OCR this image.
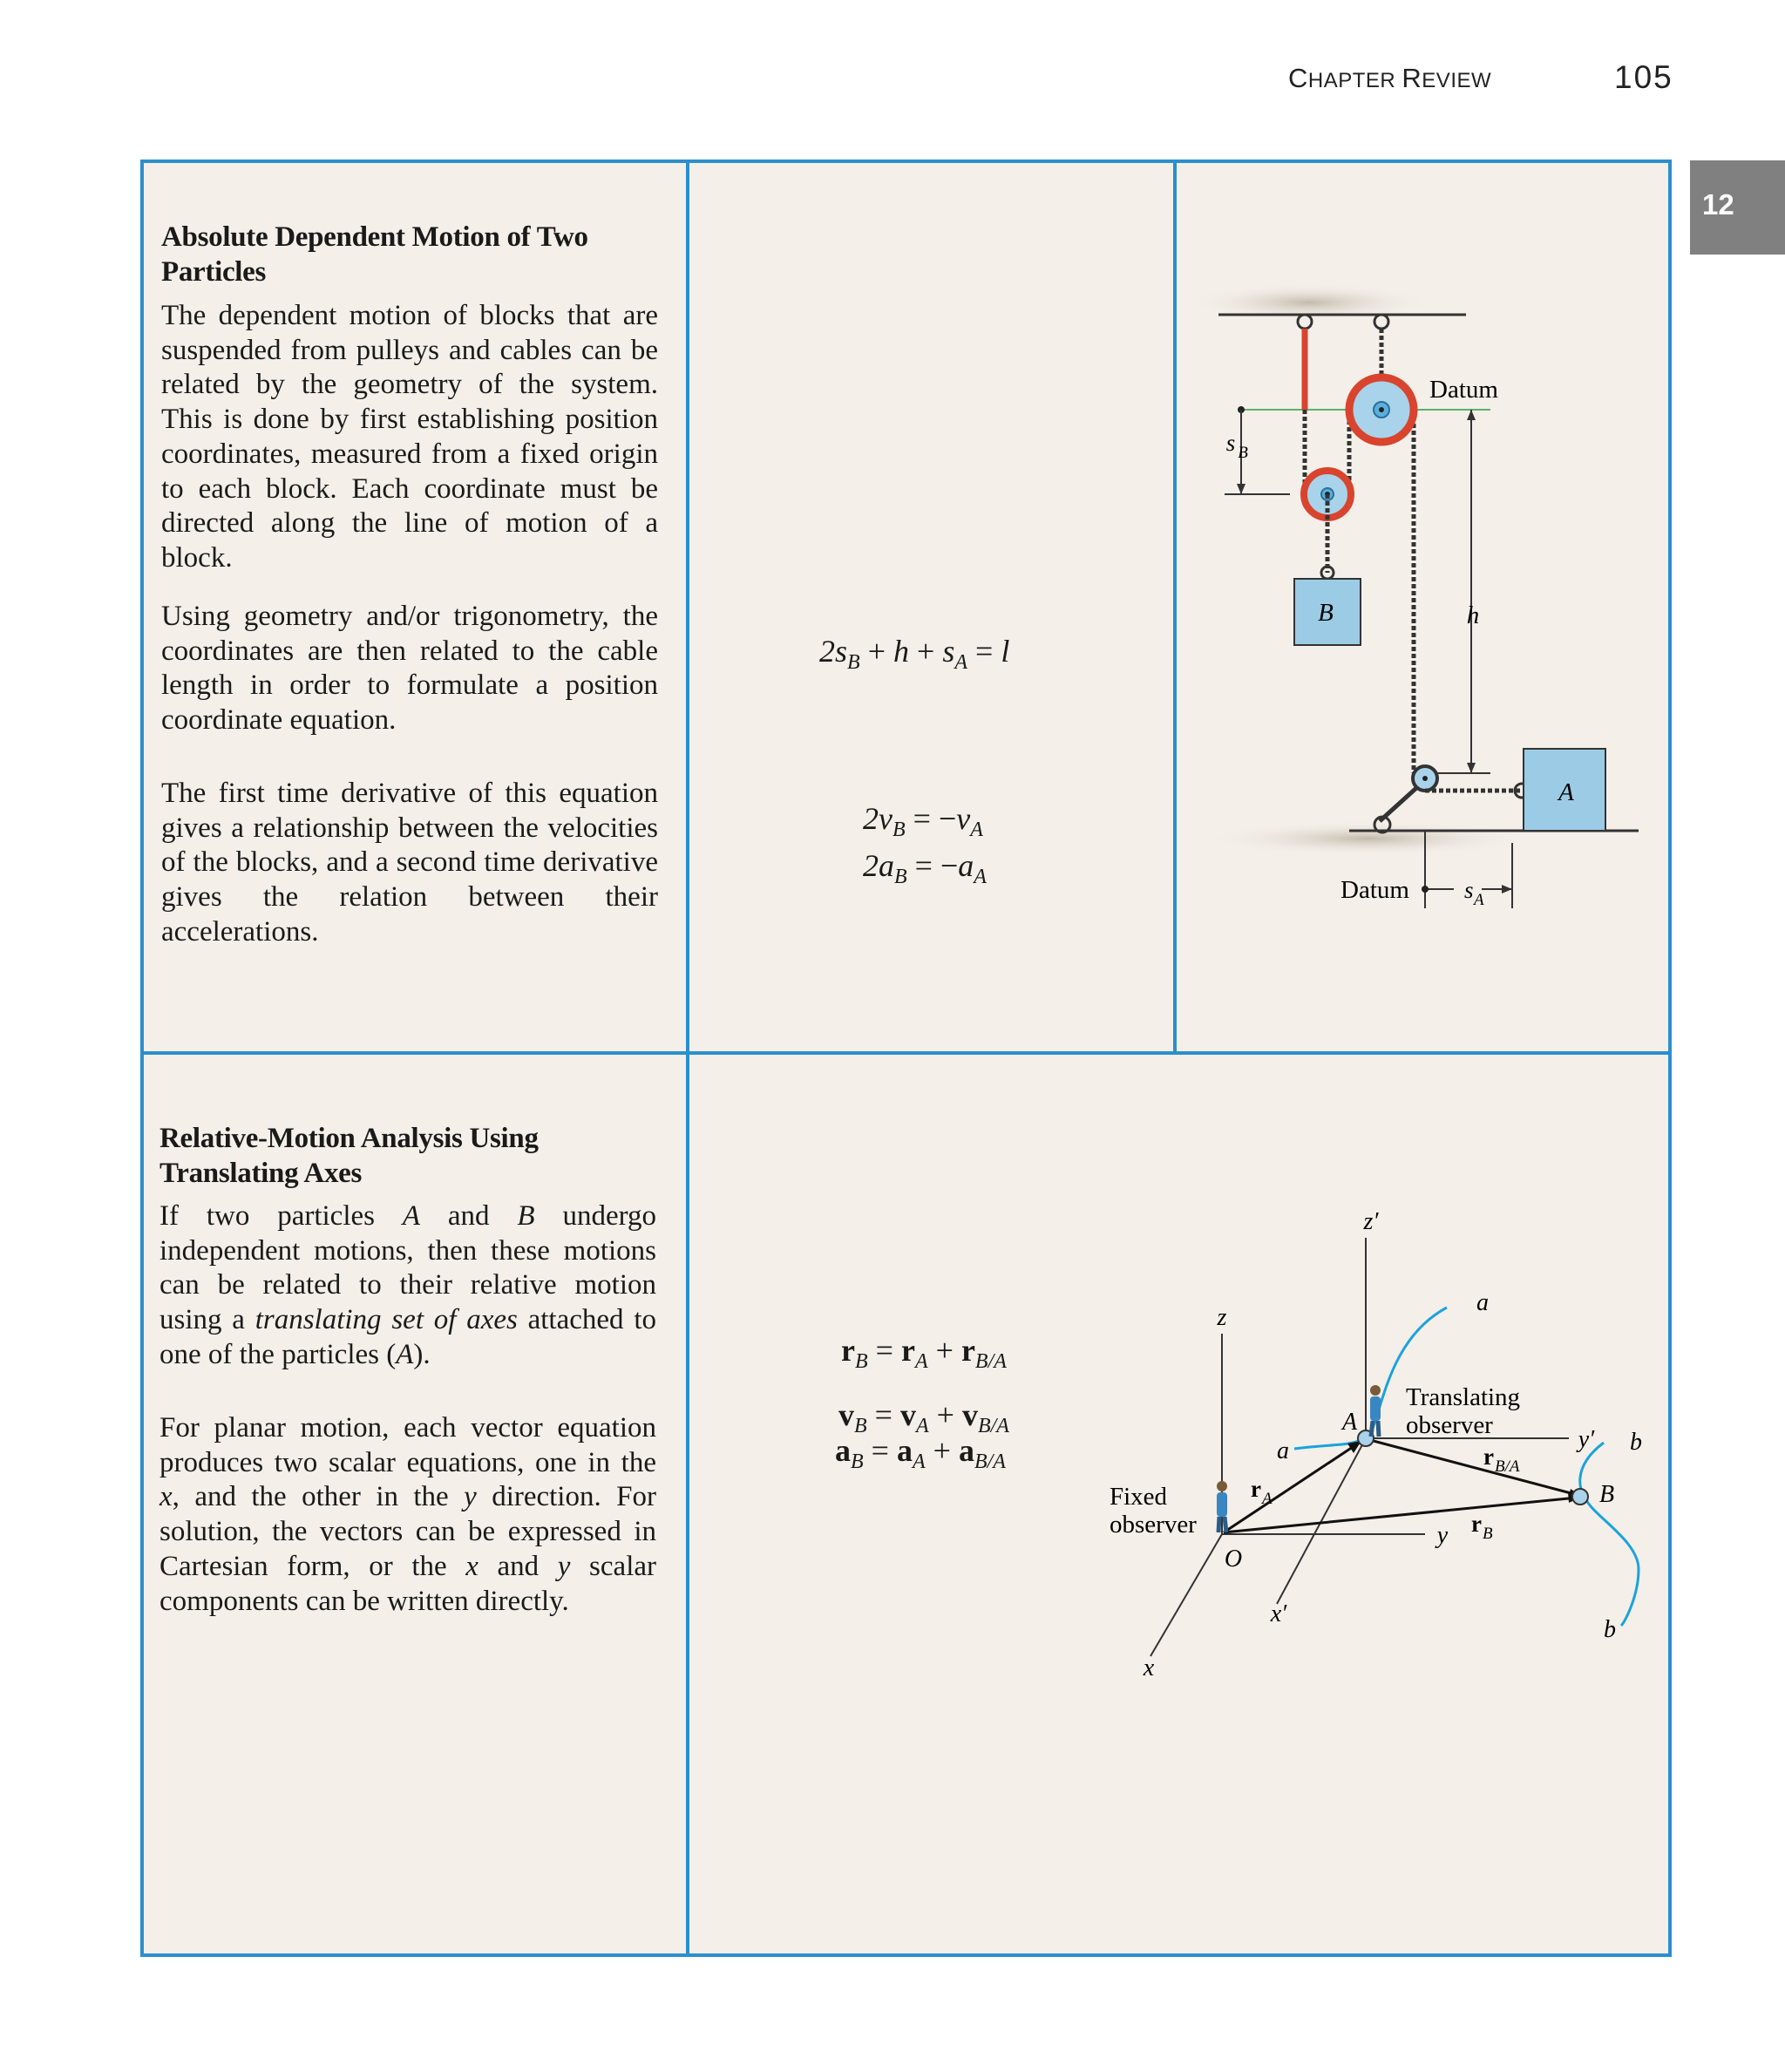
CHAPTER REVIEW	105
12
Absolute Dependent Motion of Two Particles
The dependent motion of blocks that are suspended from pulleys and cables can be related by the geometry of the system. This is done by first establishing position coordinates, measured from a fixed origin to each block. Each coordinate must be directed along the line of motion of a block.
Using geometry and/or trigonometry, the coordinates are then related to the cable length in order to formulate a position coordinate equation.
The first time derivative of this equation gives a relationship between the velocities of the blocks, and a second time derivative gives the relation between their accelerations.
$2s_B + h + s_A = l$
$2v_B = -v_A$
$2a_B = -a_A$
B
s B
h
Datum
A
Datum s A
Relative-Motion Analysis Using Translating Axes
If two particles A and B undergo independent motions, then these motions can be related to their relative motion using a translating set of axes attached to one of the particles (A).
For planar motion, each vector equation produces two scalar equations, one in the x, and the other in the y direction. For solution, the vectors can be expressed in Cartesian form, or the x and y scalar components can be written directly.
$r_B = r_A + r_{B/A}$
$v_B = v_A + v_{B/A}$
$a_B = a_A + a_{B/A}$
z
y
x
O
z′
y′
x′
a
a	b
b
r A
r B
r B/A
A
B
Fixed
observer
Translating
observer
